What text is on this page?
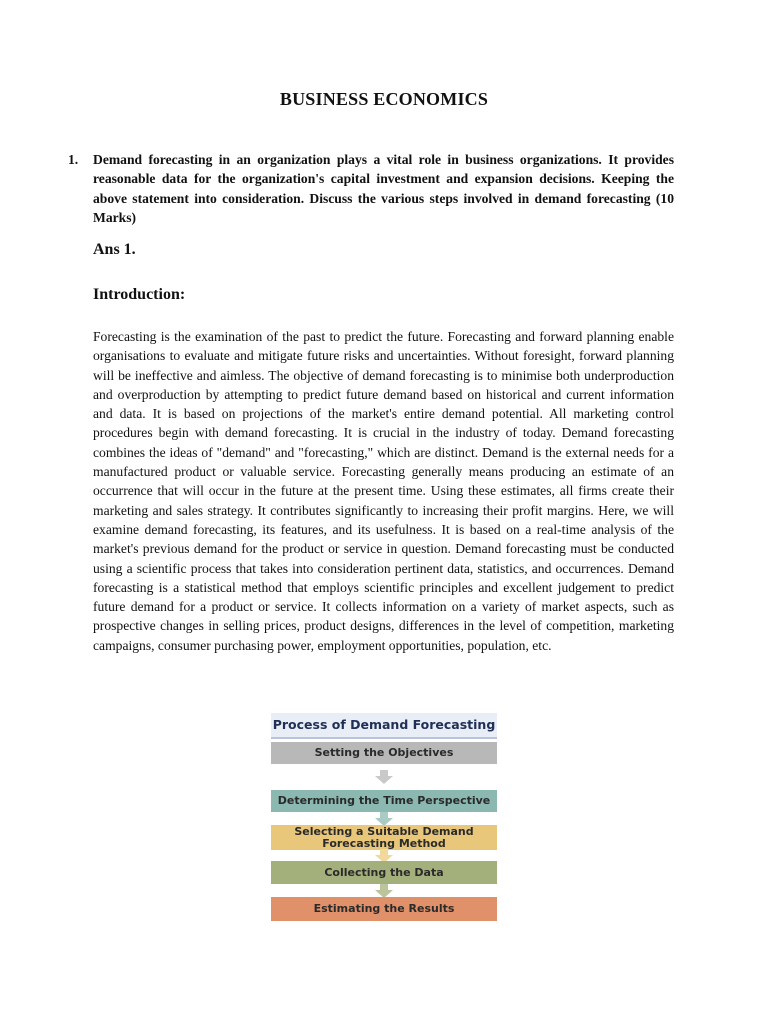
BUSINESS ECONOMICS
1. Demand forecasting in an organization plays a vital role in business organizations. It provides reasonable data for the organization's capital investment and expansion decisions. Keeping the above statement into consideration. Discuss the various steps involved in demand forecasting (10 Marks)
Ans 1.
Introduction:
Forecasting is the examination of the past to predict the future. Forecasting and forward planning enable organisations to evaluate and mitigate future risks and uncertainties. Without foresight, forward planning will be ineffective and aimless. The objective of demand forecasting is to minimise both underproduction and overproduction by attempting to predict future demand based on historical and current information and data. It is based on projections of the market's entire demand potential. All marketing control procedures begin with demand forecasting. It is crucial in the industry of today. Demand forecasting combines the ideas of "demand" and "forecasting," which are distinct. Demand is the external needs for a manufactured product or valuable service. Forecasting generally means producing an estimate of an occurrence that will occur in the future at the present time. Using these estimates, all firms create their marketing and sales strategy. It contributes significantly to increasing their profit margins. Here, we will examine demand forecasting, its features, and its usefulness. It is based on a real-time analysis of the market's previous demand for the product or service in question. Demand forecasting must be conducted using a scientific process that takes into consideration pertinent data, statistics, and occurrences. Demand forecasting is a statistical method that employs scientific principles and excellent judgement to predict future demand for a product or service. It collects information on a variety of market aspects, such as prospective changes in selling prices, product designs, differences in the level of competition, marketing campaigns, consumer purchasing power, employment opportunities, population, etc.
Process of Demand Forecasting
Setting the Objectives
Determining the Time Perspective
Selecting a Suitable Demand Forecasting Method
Collecting the Data
Estimating the Results
